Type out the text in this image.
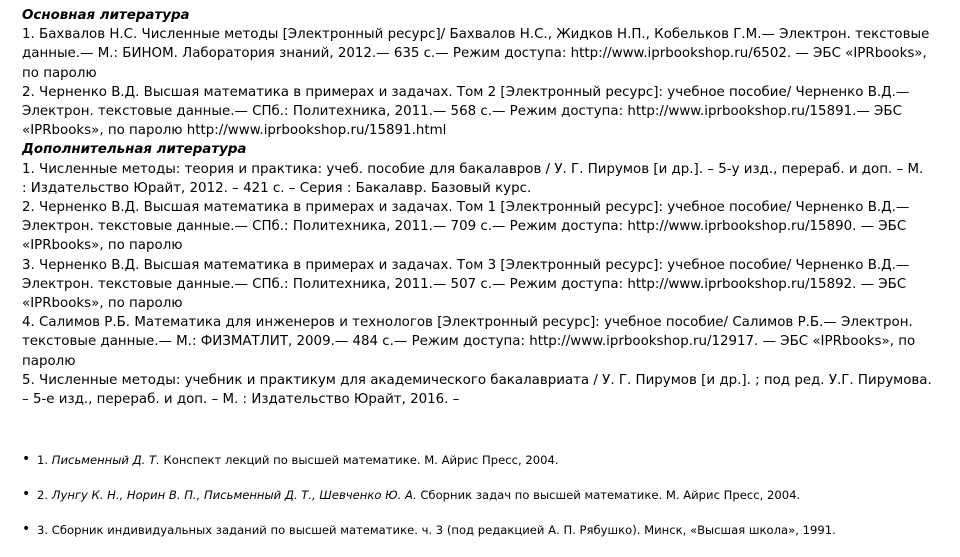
Основная литература
1. Бахвалов Н.С. Численные методы [Электронный ресурс]/ Бахвалов Н.С., Жидков Н.П., Кобельков Г.М.— Электрон. текстовые данные.— М.: БИНОМ. Лаборатория знаний, 2012.— 635 c.— Режим доступа: http://www.iprbookshop.ru/6502. — ЭБС «IPRbooks», по паролю
2. Черненко В.Д. Высшая математика в примерах и задачах. Том 2 [Электронный ресурс]: учебное пособие/ Черненко В.Д.— Электрон. текстовые данные.— СПб.: Политехника, 2011.— 568 c.— Режим доступа: http://www.iprbookshop.ru/15891.— ЭБС «IPRbooks», по паролю http://www.iprbookshop.ru/15891.html
Дополнительная литература
1. Численные методы: теория и практика: учеб. пособие для бакалавров / У. Г. Пирумов [и др.]. – 5-у изд., перераб. и доп. – М. : Издательство Юрайт, 2012. – 421 с. – Серия : Бакалавр. Базовый курс.
2. Черненко В.Д. Высшая математика в примерах и задачах. Том 1 [Электронный ресурс]: учебное пособие/ Черненко В.Д.— Электрон. текстовые данные.— СПб.: Политехника, 2011.— 709 c.— Режим доступа: http://www.iprbookshop.ru/15890. — ЭБС «IPRbooks», по паролю
3. Черненко В.Д. Высшая математика в примерах и задачах. Том 3 [Электронный ресурс]: учебное пособие/ Черненко В.Д.— Электрон. текстовые данные.— СПб.: Политехника, 2011.— 507 c.— Режим доступа: http://www.iprbookshop.ru/15892. — ЭБС «IPRbooks», по паролю
4. Салимов Р.Б. Математика для инженеров и технологов [Электронный ресурс]: учебное пособие/ Салимов Р.Б.— Электрон. текстовые данные.— М.: ФИЗМАТЛИТ, 2009.— 484 c.— Режим доступа: http://www.iprbookshop.ru/12917. — ЭБС «IPRbooks», по паролю
5. Численные методы: учебник и практикум для академического бакалавриата / У. Г. Пирумов [и др.]. ; под ред. У.Г. Пирумова. – 5-е изд., перераб. и доп. – М. : Издательство Юрайт, 2016. –
• 1. Письменный Д. Т. Конспект лекций по высшей математике. М. Айрис Пресс, 2004.
• 2. Лунгу К. Н., Норин В. П., Письменный Д. Т., Шевченко Ю. А. Сборник задач по высшей математике. М. Айрис Пресс, 2004.
• 3. Сборник индивидуальных заданий по высшей математике. ч. 3 (под редакцией А. П. Рябушко). Минск, «Высшая школа», 1991.
